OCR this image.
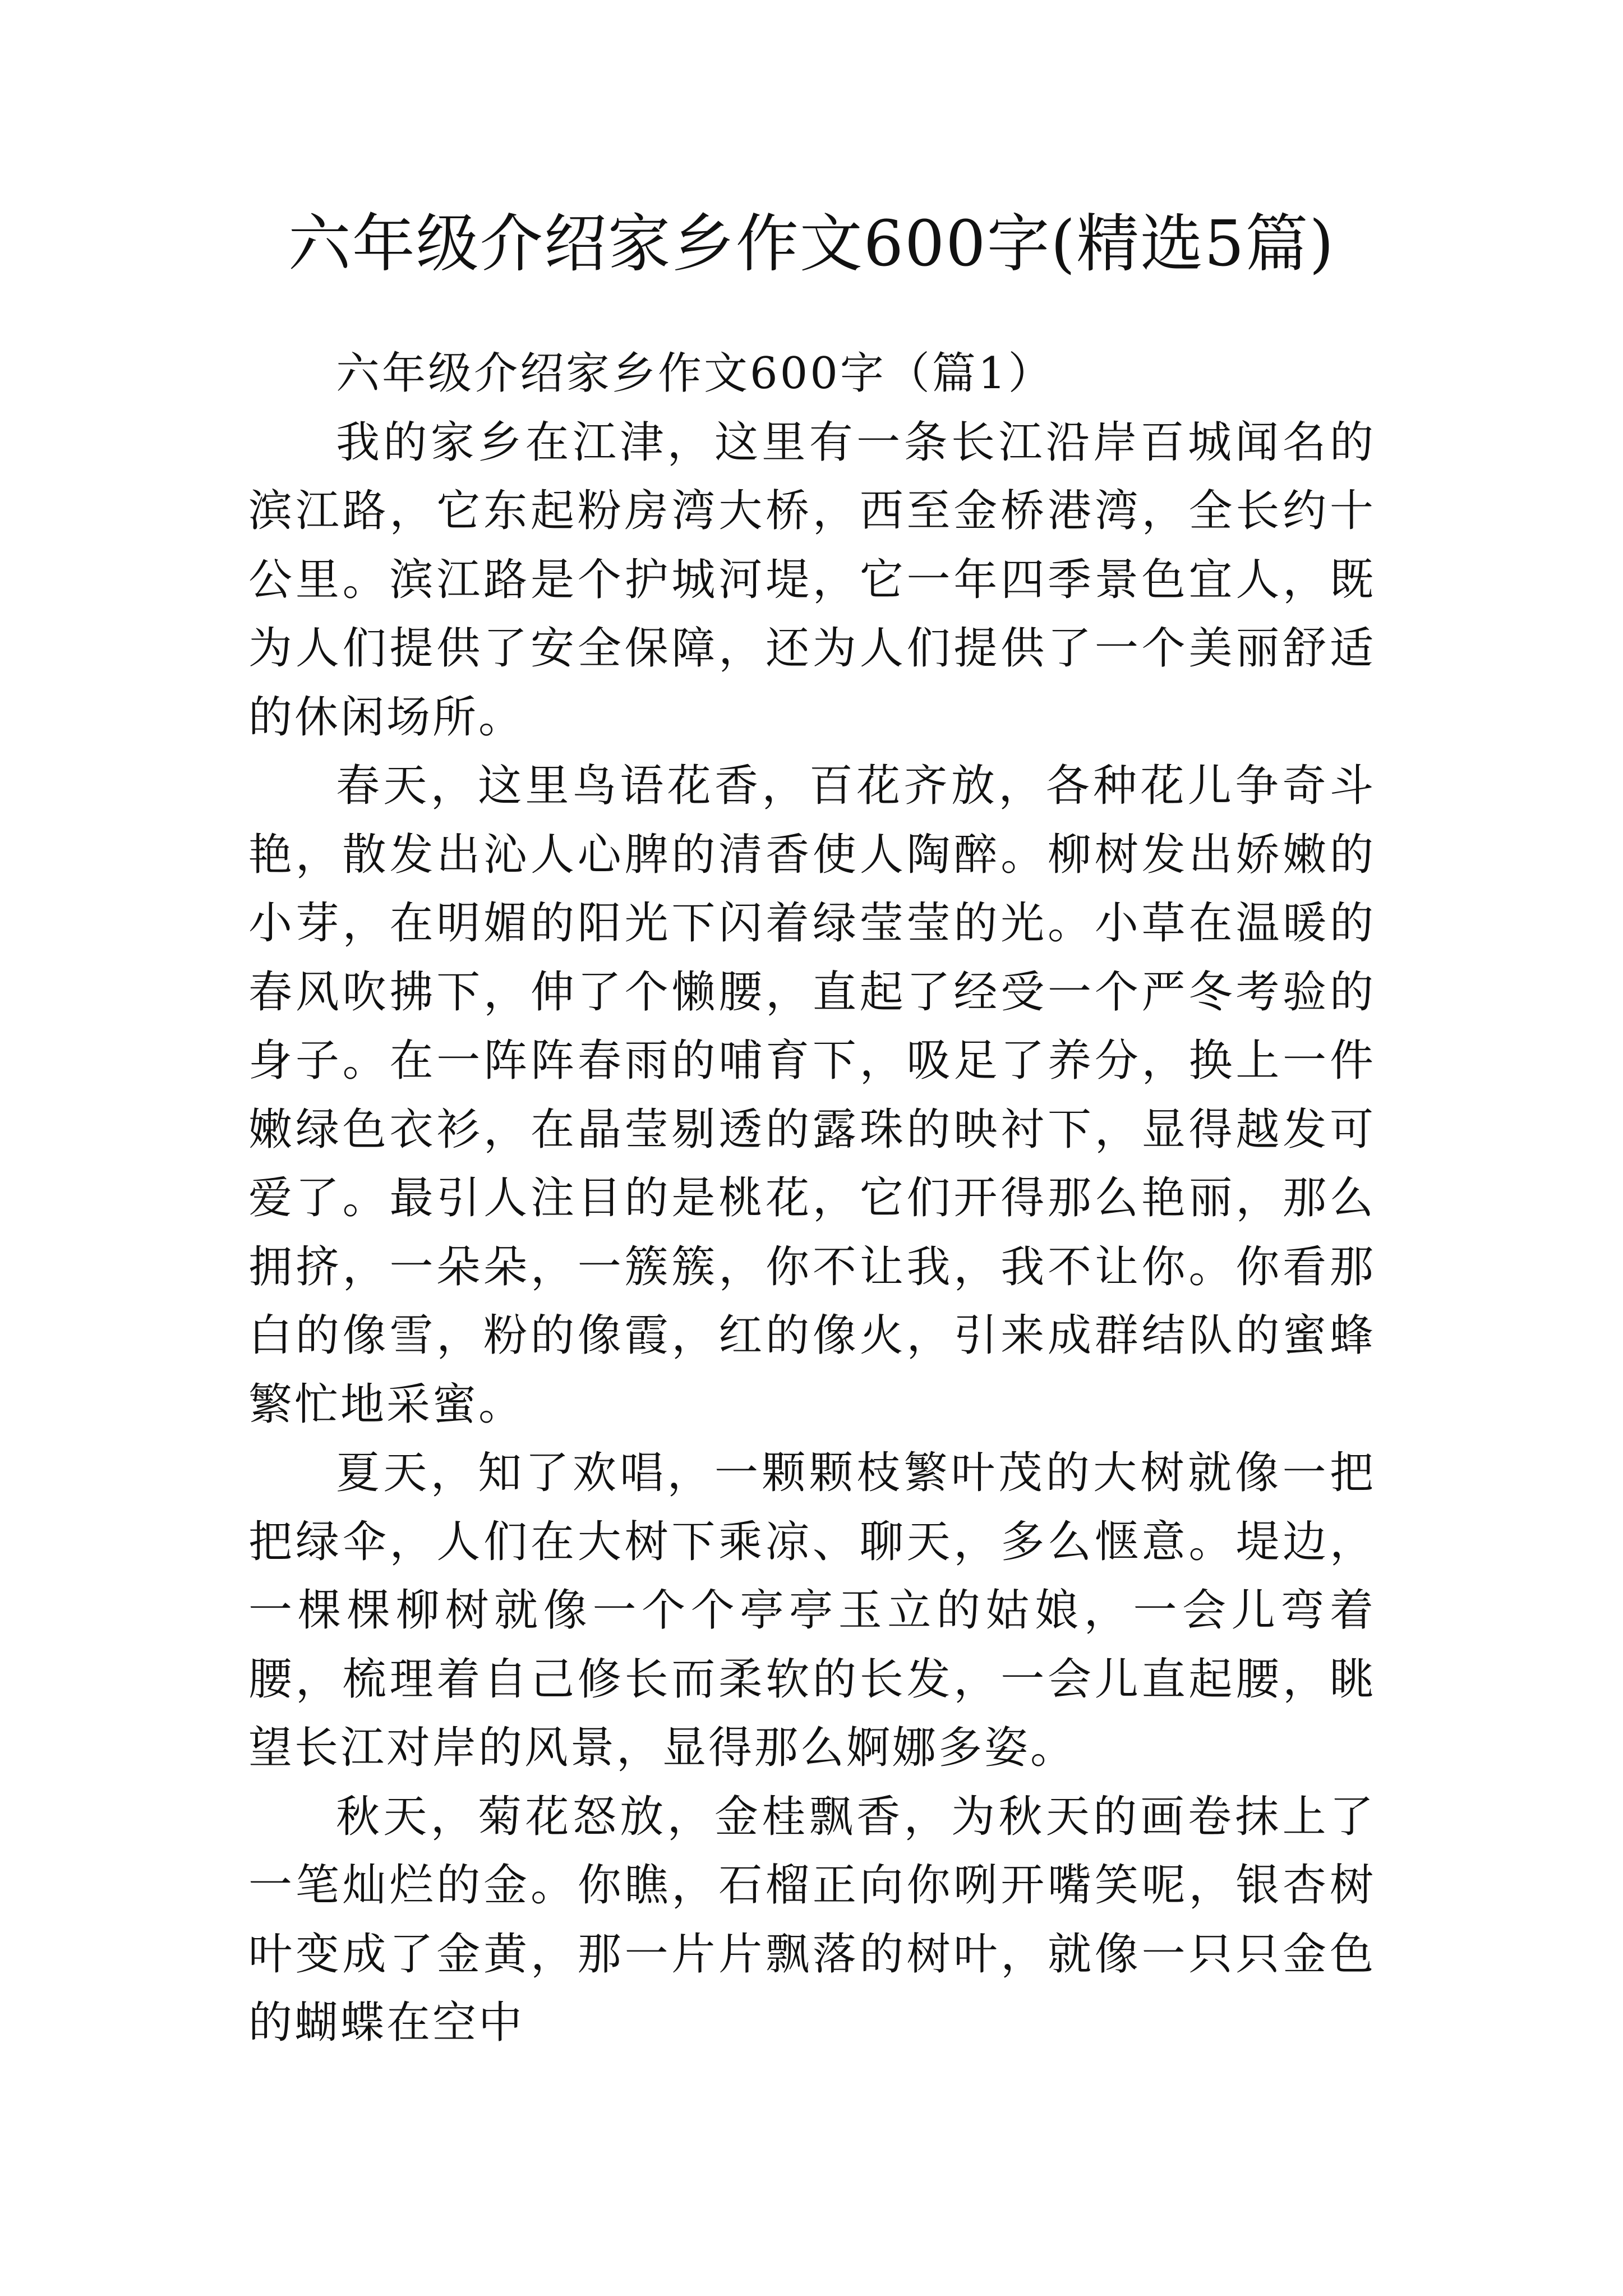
六年级介绍家乡作文600字(精选5篇)

六年级介绍家乡作文600字（篇1）

我的家乡在江津，这里有一条长江沿岸百城闻名的滨江路，它东起粉房湾大桥，西至金桥港湾，全长约十公里。滨江路是个护城河堤，它一年四季景色宜人，既为人们提供了安全保障，还为人们提供了一个美丽舒适的休闲场所。

春天，这里鸟语花香，百花齐放，各种花儿争奇斗艳，散发出沁人心脾的清香使人陶醉。柳树发出娇嫩的小芽，在明媚的阳光下闪着绿莹莹的光。小草在温暖的春风吹拂下，伸了个懒腰，直起了经受一个严冬考验的身子。在一阵阵春雨的哺育下，吸足了养分，换上一件嫩绿色衣衫，在晶莹剔透的露珠的映衬下，显得越发可爱了。最引人注目的是桃花，它们开得那么艳丽，那么拥挤，一朵朵，一簇簇，你不让我，我不让你。你看那白的像雪，粉的像霞，红的像火，引来成群结队的蜜蜂繁忙地采蜜。

夏天，知了欢唱，一颗颗枝繁叶茂的大树就像一把把绿伞，人们在大树下乘凉、聊天，多么惬意。堤边，一棵棵柳树就像一个个亭亭玉立的姑娘，一会儿弯着腰，梳理着自己修长而柔软的长发，一会儿直起腰，眺望长江对岸的风景，显得那么婀娜多姿。

秋天，菊花怒放，金桂飘香，为秋天的画卷抹上了一笔灿烂的金。你瞧，石榴正向你咧开嘴笑呢，银杏树叶变成了金黄，那一片片飘落的树叶，就像一只只金色的蝴蝶在空中
